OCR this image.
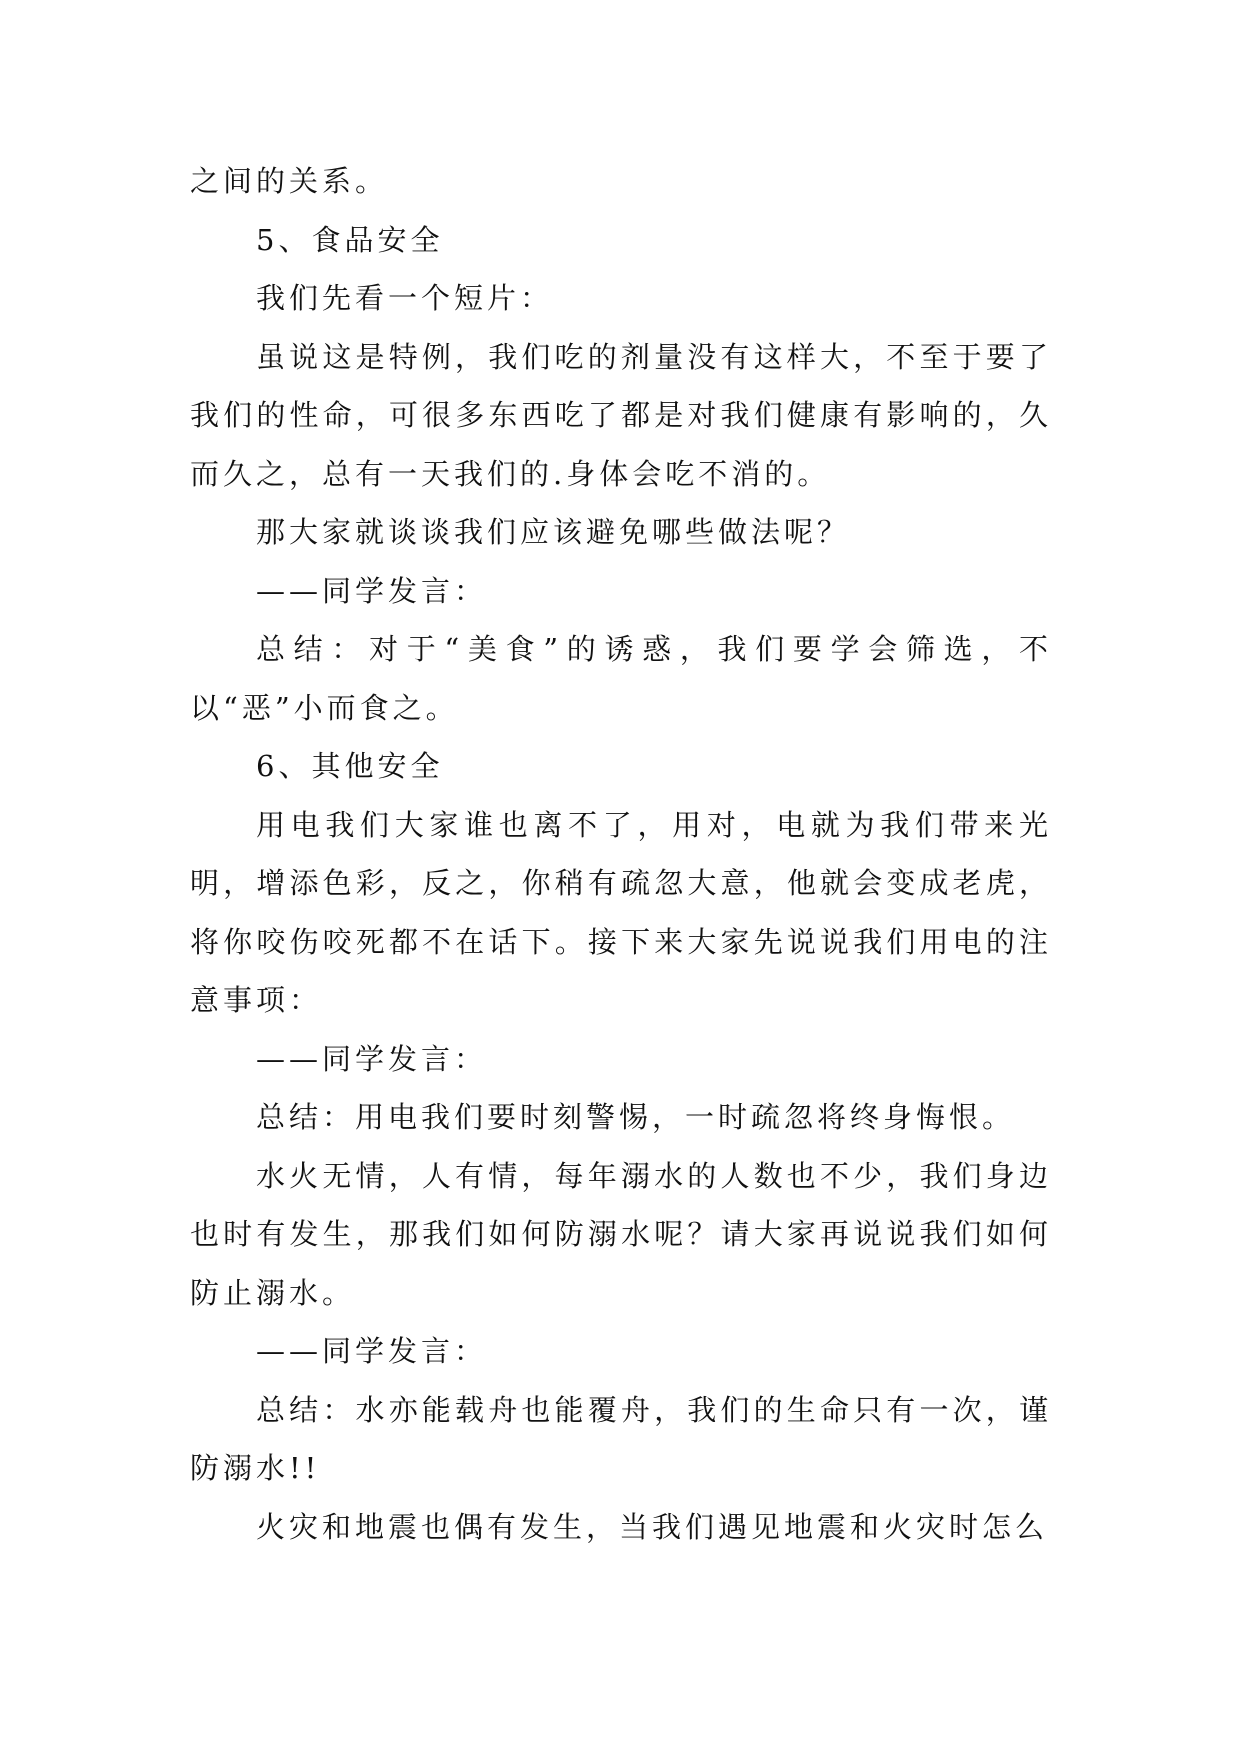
之间的关系。

5、食品安全

我们先看一个短片：

虽说这是特例，我们吃的剂量没有这样大，不至于要了我们的性命，可很多东西吃了都是对我们健康有影响的，久而久之，总有一天我们的.身体会吃不消的。

那大家就谈谈我们应该避免哪些做法呢？

——同学发言：

总结：对于“美食”的诱惑，我们要学会筛选，不以“恶”小而食之。

6、其他安全

用电我们大家谁也离不了，用对，电就为我们带来光明，增添色彩，反之，你稍有疏忽大意，他就会变成老虎，将你咬伤咬死都不在话下。接下来大家先说说我们用电的注意事项：

——同学发言：

总结：用电我们要时刻警惕，一时疏忽将终身悔恨。

水火无情，人有情，每年溺水的人数也不少，我们身边也时有发生，那我们如何防溺水呢？请大家再说说我们如何防止溺水。

——同学发言：

总结：水亦能载舟也能覆舟，我们的生命只有一次，谨防溺水!!

火灾和地震也偶有发生，当我们遇见地震和火灾时怎么
